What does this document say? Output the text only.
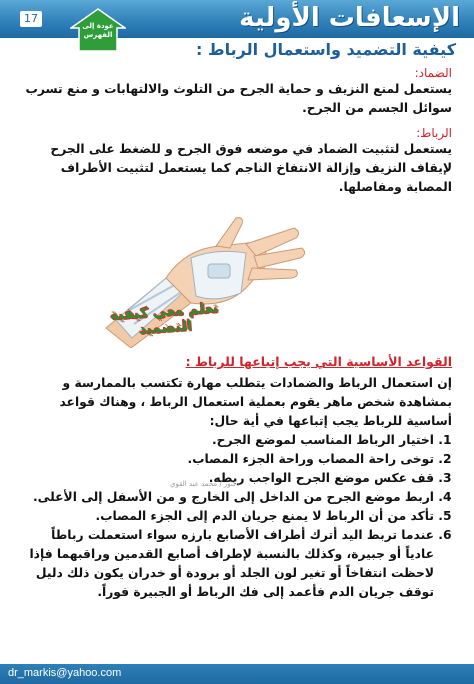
17	الإسعافات الأولية
عودة إلى الفهرس
كيفية التضميد واستعمال الرباط :
الضماد:
يستعمل لمنع النزيف و حماية الجرح من التلوث والالتهابات و منع تسرب سوائل الجسم من الجرح.
الرباط:
يستعمل لتثبيت الضماد في موضعه فوق الجرح و للضغط على الجرح لإيقاف النزيف وإزالة الانتفاخ الناجم كما يستعمل لتثبيت الأطراف المصابة ومفاصلها.
تعلم معي كيفية التضميد
القواعد الأساسية التي يجب إتباعها للرباط :
إن استعمال الرباط والضمادات يتطلب مهارة تكتسب بالممارسة و بمشاهدة شخص ماهر يقوم بعملية استعمال الرباط ، وهناك قواعد أساسية للرباط يجب إتباعها في أية حال:
1. اختيار الرباط المناسب لموضع الجرح.
2. توخى راحة المصاب وراحة الجزء المصاب.
3. قف عكس موضع الجرح الواجب ربطه.
4. اربط موضع الجرح من الداخل إلى الخارج و من الأسفل إلى الأعلى.
5. تأكد من أن الرباط لا يمنع جريان الدم إلى الجزء المصاب.
6. عندما تربط اليد أترك أطراف الأصابع بارزه سواء استعملت رباطاً عادياً أو جبيرة، وكذلك بالنسبة لإطراف أصابع القدمين وراقبهما فإذا لاحظت انتفاخاً أو تغير لون الجلد أو برودة أو خدران يكون ذلك دليل توقف جريان الدم فأعمد إلى فك الرباط أو الجبيرة فوراً.
دكتور / محمد عبد القوي
dr_markis@yahoo.com
